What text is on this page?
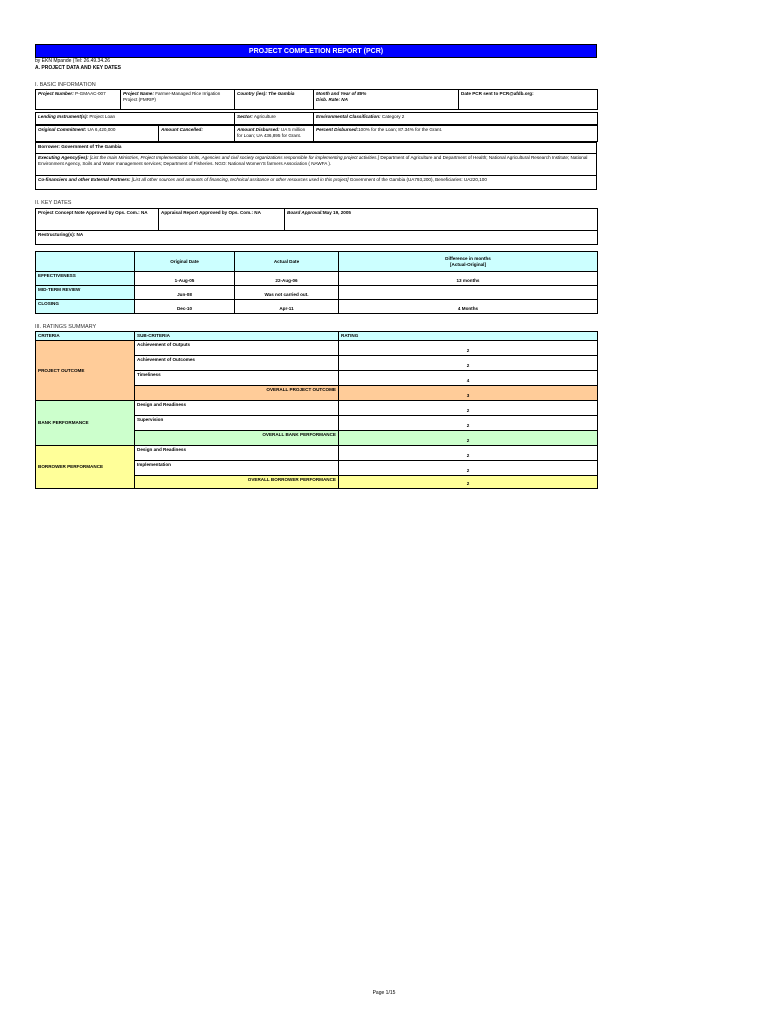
PROJECT COMPLETION REPORT (PCR)
by EKN Mpande (Tel: 26.49.34.26
A. PROJECT DATA AND KEY DATES
I. BASIC INFORMATION
Project Number: P-GMAAC-007	Project Name: Farmer-Managed Rice Irrigation Project (FMRIP)	Country (ies): The Gambia	Month and Year of 85%
Disb. Rate: NA	Date PCR sent to PCR@afdb.org:
Lending Instrument(s): Project Loan	Sector: Agriculture	Environmental Classification: Category 2
Original Commitment: UA 6,420,000	Amount Cancelled:	Amount Disbursed: UA 5 million for Loan; UA 436,895 for Grant.	Percent Disbursed:100% for the Loan; 87.34% for the Grant.
Borrower: Government of The Gambia
Executing Agency(ies): [List the main Ministries, Project Implementation Units, Agencies and civil society organizations responsible for implementing project activities.] Department of Agriculture and Department of Health; National Agricultural Research Institute; National Environment Agency, Soils and Water management services; Department of Fisheries. NGO: National Women'S farmers Association ( NAWFA ).
Co-financiers and other External Partners: [List all other sources and amounts of financing, technical assitance or other resources used in this project] Government of the Gambia (UA793,200), Beneficiaries: UA220,100
II. KEY DATES
Project Concept Note Approved by Ops. Com.: NA	Appraisal Report Approved by Ops. Com.: NA	Board Approval:May 19, 2005
Restructuring(s): NA
	Original Date	Actual Date	Difference in months
[Actual-Original]
EFFECTIVENESS	1-Aug-05	22-Aug-06	13 months
MID-TERM REVIEW	Jun-08	Was not carried out.	
CLOSING	Dec-10	Apr-11	4 Months
III. RATINGS SUMMARY
CRITERIA	SUB-CRITERIA	RATING
PROJECT OUTCOME	Achievement of Outputs	2
	Achievement of Outcomes	2
	Timeliness	4
	OVERALL PROJECT OUTCOME	3
BANK PERFORMANCE	Design and Readiness	2
	Supervision	2
	OVERALL BANK PERFORMANCE	2
BORROWER PERFORMANCE	Design and Readiness	2
	Implementation	2
	OVERALL BORROWER PERFORMANCE	2
Page 1/15
